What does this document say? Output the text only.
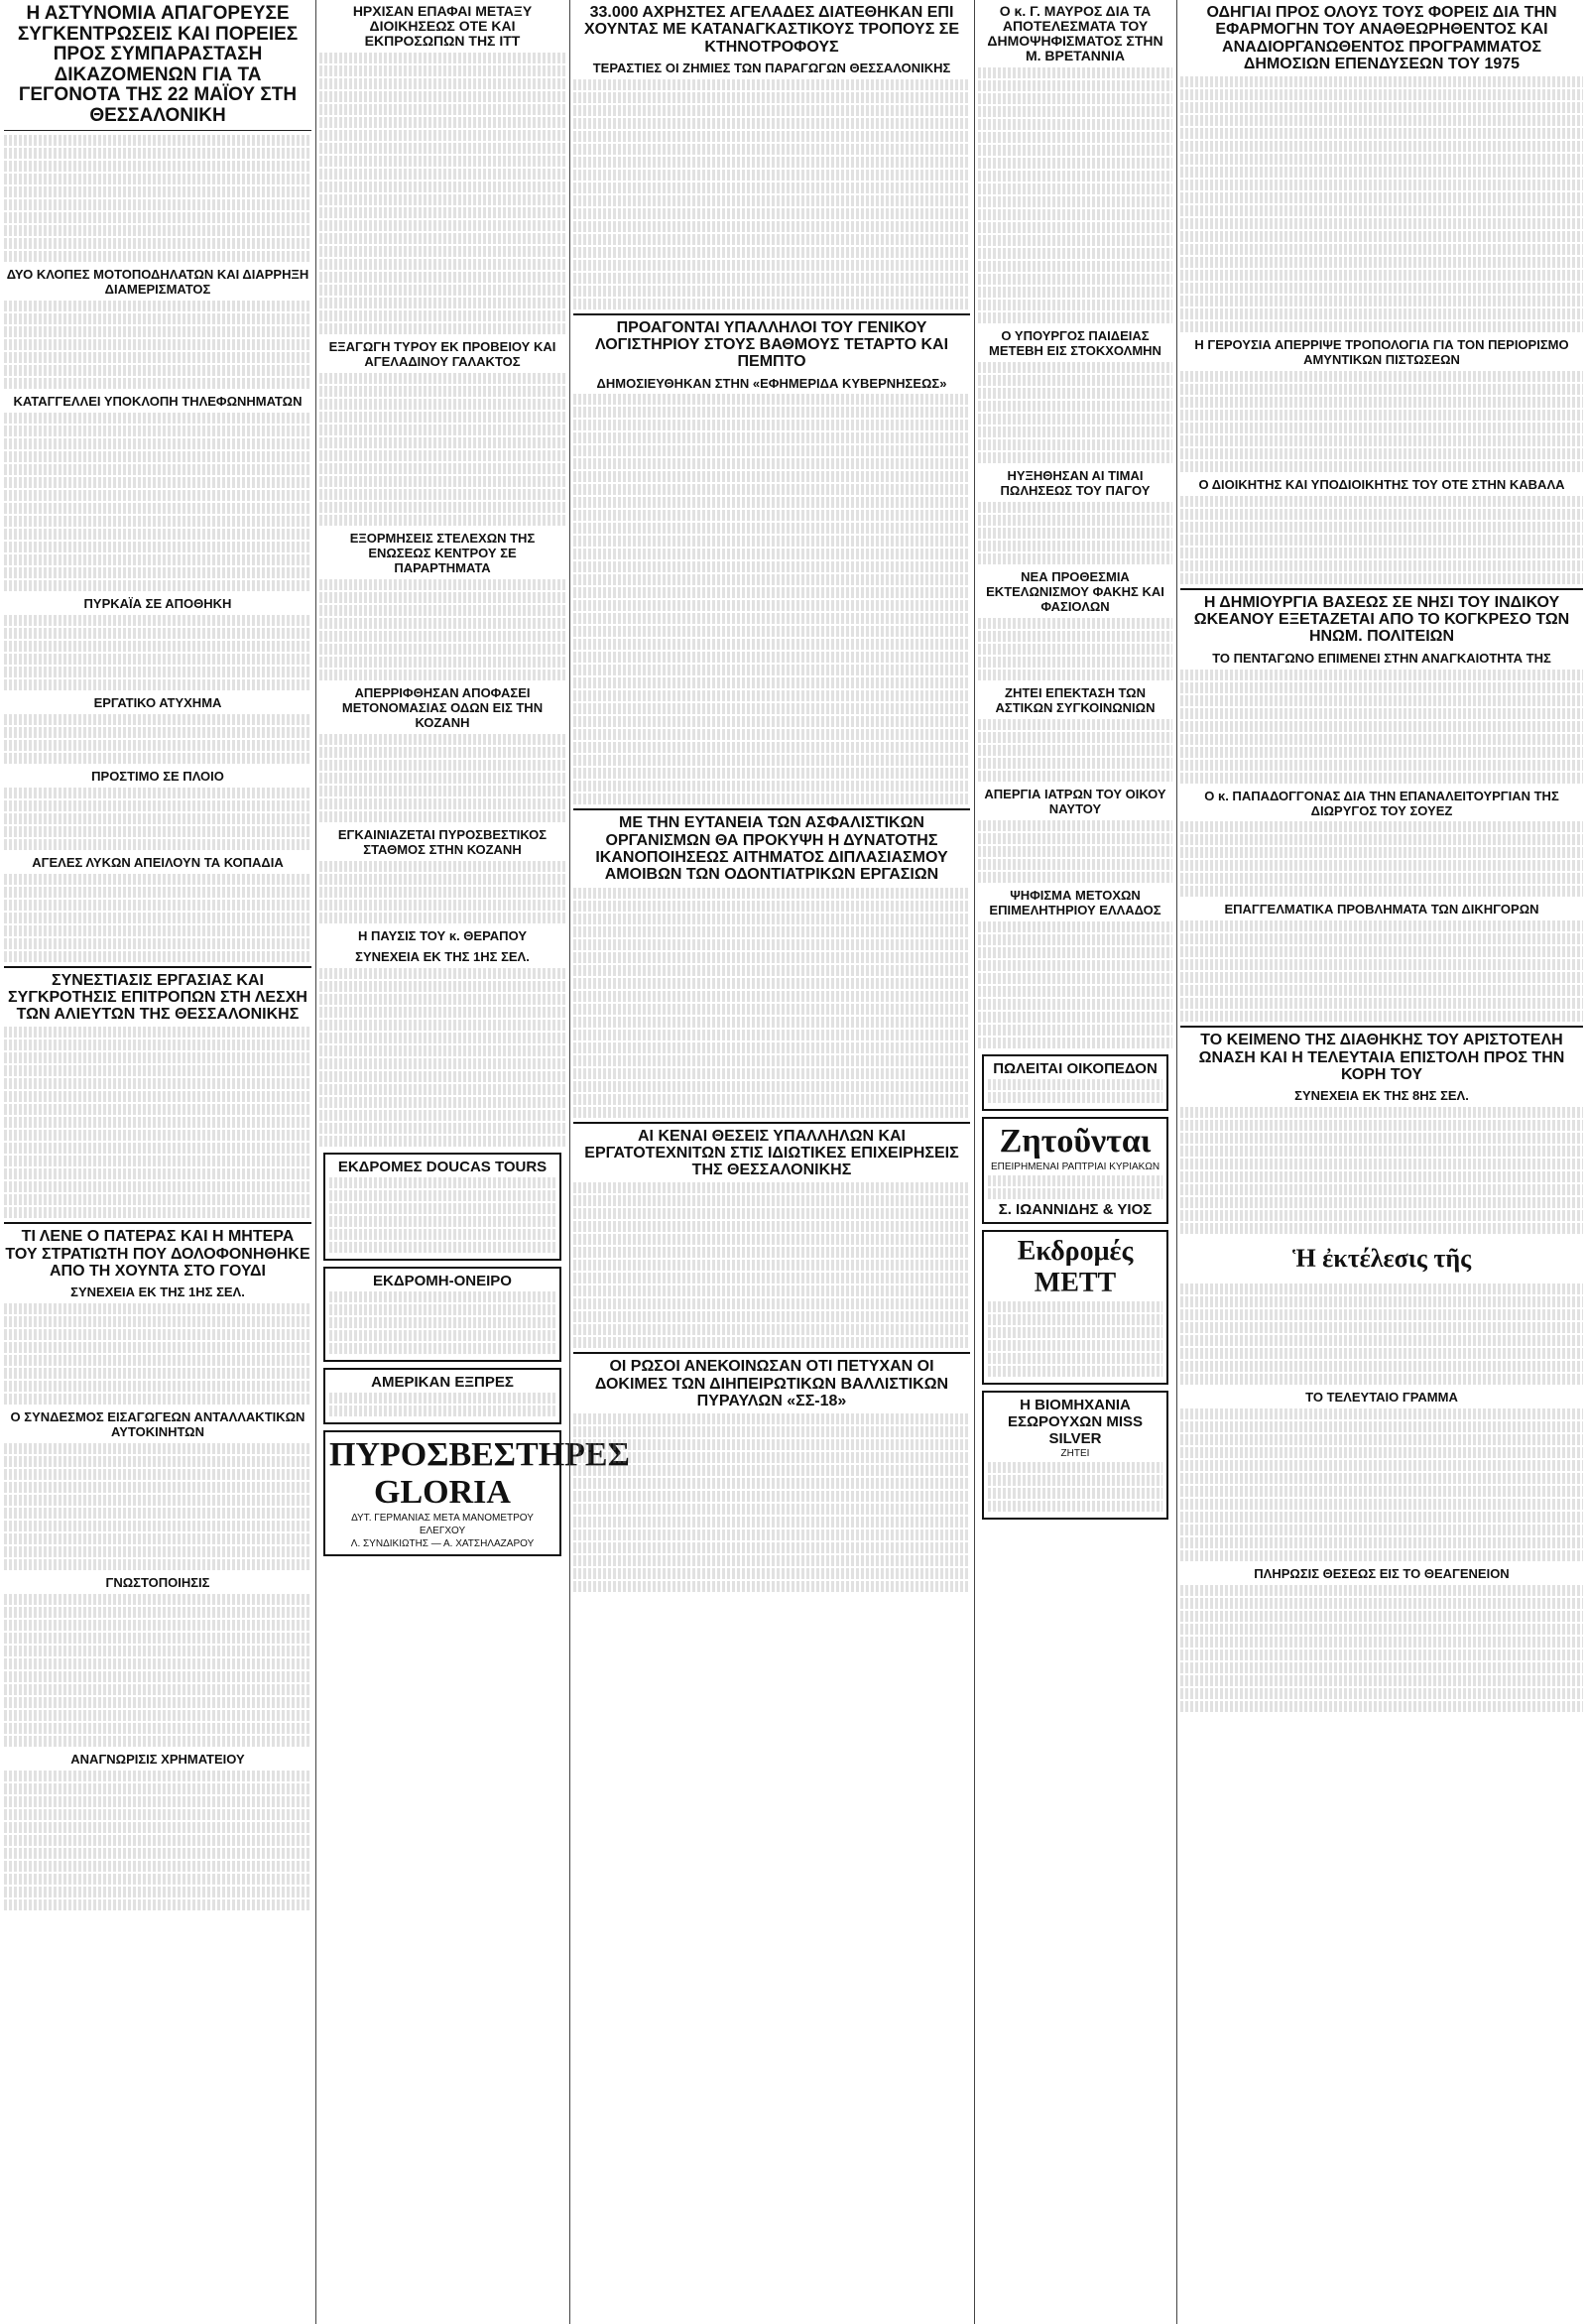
Η ΑΣΤΥΝΟΜΙΑ ΑΠΑΓΟΡΕΥΣΕ ΣΥΓΚΕΝΤΡΩΣΕΙΣ ΚΑΙ ΠΟΡΕΙΕΣ ΠΡΟΣ ΣΥΜΠΑΡΑΣΤΑΣΗ ΔΙΚΑΖΟΜΕΝΩΝ ΓΙΑ ΤΑ ΓΕΓΟΝΟΤΑ ΤΗΣ 22 ΜΑΪΟΥ ΣΤΗ ΘΕΣΣΑΛΟΝΙΚΗ
ΔΥΟ ΚΛΟΠΕΣ ΜΟΤΟΠΟΔΗΛΑΤΩΝ ΚΑΙ ΔΙΑΡΡΗΞΗ ΔΙΑΜΕΡΙΣΜΑΤΟΣ
ΚΑΤΑΓΓΕΛΛΕΙ ΥΠΟΚΛΟΠΗ ΤΗΛΕΦΩΝΗΜΑΤΩΝ
ΠΥΡΚΑΪΑ ΣΕ ΑΠΟΘΗΚΗ
ΕΡΓΑΤΙΚΟ ΑΤΥΧΗΜΑ
ΠΡΟΣΤΙΜΟ ΣΕ ΠΛΟΙΟ
ΑΓΕΛΕΣ ΛΥΚΩΝ ΑΠΕΙΛΟΥΝ ΤΑ ΚΟΠΑΔΙΑ
ΣΥΝΕΣΤΙΑΣΙΣ ΕΡΓΑΣΙΑΣ ΚΑΙ ΣΥΓΚΡΟΤΗΣΙΣ ΕΠΙΤΡΟΠΩΝ ΣΤΗ ΛΕΣΧΗ ΤΩΝ ΑΛΙΕΥΤΩΝ ΤΗΣ ΘΕΣΣΑΛΟΝΙΚΗΣ
ΤΙ ΛΕΝΕ Ο ΠΑΤΕΡΑΣ ΚΑΙ Η ΜΗΤΕΡΑ ΤΟΥ ΣΤΡΑΤΙΩΤΗ ΠΟΥ ΔΟΛΟΦΟΝΗΘΗΚΕ ΑΠΟ ΤΗ ΧΟΥΝΤΑ ΣΤΟ ΓΟΥΔΙ
ΣΥΝΕΧΕΙΑ ΕΚ ΤΗΣ 1ΗΣ ΣΕΛ.
Ο ΣΥΝΔΕΣΜΟΣ ΕΙΣΑΓΩΓΕΩΝ ΑΝΤΑΛΛΑΚΤΙΚΩΝ ΑΥΤΟΚΙΝΗΤΩΝ
ΓΝΩΣΤΟΠΟΙΗΣΙΣ
ΑΝΑΓΝΩΡΙΣΙΣ ΧΡΗΜΑΤΕΙΟΥ
ΗΡΧΙΣΑΝ ΕΠΑΦΑΙ ΜΕΤΑΞΥ ΔΙΟΙΚΗΣΕΩΣ ΟΤΕ ΚΑΙ ΕΚΠΡΟΣΩΠΩΝ ΤΗΣ ΙΤΤ
ΕΞΑΓΩΓΗ ΤΥΡΟΥ ΕΚ ΠΡΟΒΕΙΟΥ ΚΑΙ ΑΓΕΛΑΔΙΝΟΥ ΓΑΛΑΚΤΟΣ
ΕΞΟΡΜΗΣΕΙΣ ΣΤΕΛΕΧΩΝ ΤΗΣ ΕΝΩΣΕΩΣ ΚΕΝΤΡΟΥ ΣΕ ΠΑΡΑΡΤΗΜΑΤΑ
ΑΠΕΡΡΙΦΘΗΣΑΝ ΑΠΟΦΑΣΕΙ ΜΕΤΟΝΟΜΑΣΙΑΣ ΟΔΩΝ ΕΙΣ ΤΗΝ ΚΟΖΑΝΗ
ΕΓΚΑΙΝΙΑΖΕΤΑΙ ΠΥΡΟΣΒΕΣΤΙΚΟΣ ΣΤΑΘΜΟΣ ΣΤΗΝ ΚΟΖΑΝΗ
Η ΠΑΥΣΙΣ ΤΟΥ κ. ΘΕΡΑΠΟΥ
ΣΥΝΕΧΕΙΑ ΕΚ ΤΗΣ 1ΗΣ ΣΕΛ.
ΕΚΔΡΟΜΕΣ DOUCAS TOURS
ΕΚΔΡΟΜΗ-ΟΝΕΙΡΟ
ΑΜΕΡΙΚΑΝ ΕΞΠΡΕΣ
ΠΥΡΟΣΒΕΣΤΗΡΕΣ GLORIA
ΔΥΤ. ΓΕΡΜΑΝΙΑΣ ΜΕΤΑ ΜΑΝΟΜΕΤΡΟΥ ΕΛΕΓΧΟΥ
Λ. ΣΥΝΔΙΚΙΩΤΗΣ — Α. ΧΑΤΣΗΛΑΖΑΡΟΥ
33.000 ΑΧΡΗΣΤΕΣ ΑΓΕΛΑΔΕΣ ΔΙΑΤΕΘΗΚΑΝ ΕΠΙ ΧΟΥΝΤΑΣ ΜΕ ΚΑΤΑΝΑΓΚΑΣΤΙΚΟΥΣ ΤΡΟΠΟΥΣ ΣΕ ΚΤΗΝΟΤΡΟΦΟΥΣ
ΤΕΡΑΣΤΙΕΣ ΟΙ ΖΗΜΙΕΣ ΤΩΝ ΠΑΡΑΓΩΓΩΝ ΘΕΣΣΑΛΟΝΙΚΗΣ
ΠΡΟΑΓΟΝΤΑΙ ΥΠΑΛΛΗΛΟΙ ΤΟΥ ΓΕΝΙΚΟΥ ΛΟΓΙΣΤΗΡΙΟΥ ΣΤΟΥΣ ΒΑΘΜΟΥΣ ΤΕΤΑΡΤΟ ΚΑΙ ΠΕΜΠΤΟ
ΔΗΜΟΣΙΕΥΘΗΚΑΝ ΣΤΗΝ «ΕΦΗΜΕΡΙΔΑ ΚΥΒΕΡΝΗΣΕΩΣ»
ΜΕ ΤΗΝ ΕΥΤΑΝΕΙΑ ΤΩΝ ΑΣΦΑΛΙΣΤΙΚΩΝ ΟΡΓΑΝΙΣΜΩΝ ΘΑ ΠΡΟΚΥΨΗ Η ΔΥΝΑΤΟΤΗΣ ΙΚΑΝΟΠΟΙΗΣΕΩΣ ΑΙΤΗΜΑΤΟΣ ΔΙΠΛΑΣΙΑΣΜΟΥ ΑΜΟΙΒΩΝ ΤΩΝ ΟΔΟΝΤΙΑΤΡΙΚΩΝ ΕΡΓΑΣΙΩΝ
ΑΙ ΚΕΝΑΙ ΘΕΣΕΙΣ ΥΠΑΛΛΗΛΩΝ ΚΑΙ ΕΡΓΑΤΟΤΕΧΝΙΤΩΝ ΣΤΙΣ ΙΔΙΩΤΙΚΕΣ ΕΠΙΧΕΙΡΗΣΕΙΣ ΤΗΣ ΘΕΣΣΑΛΟΝΙΚΗΣ
ΟΙ ΡΩΣΟΙ ΑΝΕΚΟΙΝΩΣΑΝ ΟΤΙ ΠΕΤΥΧΑΝ ΟΙ ΔΟΚΙΜΕΣ ΤΩΝ ΔΙΗΠΕΙΡΩΤΙΚΩΝ ΒΑΛΛΙΣΤΙΚΩΝ ΠΥΡΑΥΛΩΝ «ΣΣ-18»
Ο κ. Γ. ΜΑΥΡΟΣ ΔΙΑ ΤΑ ΑΠΟΤΕΛΕΣΜΑΤΑ ΤΟΥ ΔΗΜΟΨΗΦΙΣΜΑΤΟΣ ΣΤΗΝ Μ. ΒΡΕΤΑΝΝΙΑ
Ο ΥΠΟΥΡΓΟΣ ΠΑΙΔΕΙΑΣ ΜΕΤΕΒΗ ΕΙΣ ΣΤΟΚΧΟΛΜΗΝ
ΗΥΞΗΘΗΣΑΝ ΑΙ ΤΙΜΑΙ ΠΩΛΗΣΕΩΣ ΤΟΥ ΠΑΓΟΥ
ΝΕΑ ΠΡΟΘΕΣΜΙΑ ΕΚΤΕΛΩΝΙΣΜΟΥ ΦΑΚΗΣ ΚΑΙ ΦΑΣΙΟΛΩΝ
ΖΗΤΕΙ ΕΠΕΚΤΑΣΗ ΤΩΝ ΑΣΤΙΚΩΝ ΣΥΓΚΟΙΝΩΝΙΩΝ
ΑΠΕΡΓΙΑ ΙΑΤΡΩΝ ΤΟΥ ΟΙΚΟΥ ΝΑΥΤΟΥ
ΨΗΦΙΣΜΑ ΜΕΤΟΧΩΝ ΕΠΙΜΕΛΗΤΗΡΙΟΥ ΕΛΛΑΔΟΣ
ΠΩΛΕΙΤΑΙ ΟΙΚΟΠΕΔΟΝ
Ζητοῦνται
ΕΠΕΙΡΗΜΕΝΑΙ ΡΑΠΤΡΙΑΙ ΚΥΡΙΑΚΩΝ
Σ. ΙΩΑΝΝΙΔΗΣ & ΥΙΟΣ
Εκδρομές ΜΕΤΤ
Η ΒΙΟΜΗΧΑΝΙΑ ΕΣΩΡΟΥΧΩΝ MISS SILVER
ΖΗΤΕΙ
ΟΔΗΓΙΑΙ ΠΡΟΣ ΟΛΟΥΣ ΤΟΥΣ ΦΟΡΕΙΣ ΔΙΑ ΤΗΝ ΕΦΑΡΜΟΓΗΝ ΤΟΥ ΑΝΑΘΕΩΡΗΘΕΝΤΟΣ ΚΑΙ ΑΝΑΔΙΟΡΓΑΝΩΘΕΝΤΟΣ ΠΡΟΓΡΑΜΜΑΤΟΣ ΔΗΜΟΣΙΩΝ ΕΠΕΝΔΥΣΕΩΝ ΤΟΥ 1975
Η ΓΕΡΟΥΣΙΑ ΑΠΕΡΡΙΨΕ ΤΡΟΠΟΛΟΓΙΑ ΓΙΑ ΤΟΝ ΠΕΡΙΟΡΙΣΜΟ ΑΜΥΝΤΙΚΩΝ ΠΙΣΤΩΣΕΩΝ
Ο ΔΙΟΙΚΗΤΗΣ ΚΑΙ ΥΠΟΔΙΟΙΚΗΤΗΣ ΤΟΥ ΟΤΕ ΣΤΗΝ ΚΑΒΑΛΑ
Η ΔΗΜΙΟΥΡΓΙΑ ΒΑΣΕΩΣ ΣΕ ΝΗΣΙ ΤΟΥ ΙΝΔΙΚΟΥ ΩΚΕΑΝΟΥ ΕΞΕΤΑΖΕΤΑΙ ΑΠΟ ΤΟ ΚΟΓΚΡΕΣΟ ΤΩΝ ΗΝΩΜ. ΠΟΛΙΤΕΙΩΝ
ΤΟ ΠΕΝΤΑΓΩΝΟ ΕΠΙΜΕΝΕΙ ΣΤΗΝ ΑΝΑΓΚΑΙΟΤΗΤΑ ΤΗΣ
Ο κ. ΠΑΠΑΔΟΓΓΟΝΑΣ ΔΙΑ ΤΗΝ ΕΠΑΝΑΛΕΙΤΟΥΡΓΙΑΝ ΤΗΣ ΔΙΩΡΥΓΟΣ ΤΟΥ ΣΟΥΕΖ
ΕΠΑΓΓΕΛΜΑΤΙΚΑ ΠΡΟΒΛΗΜΑΤΑ ΤΩΝ ΔΙΚΗΓΟΡΩΝ
ΤΟ ΚΕΙΜΕΝΟ ΤΗΣ ΔΙΑΘΗΚΗΣ ΤΟΥ ΑΡΙΣΤΟΤΕΛΗ ΩΝΑΣΗ ΚΑΙ Η ΤΕΛΕΥΤΑΙΑ ΕΠΙΣΤΟΛΗ ΠΡΟΣ ΤΗΝ ΚΟΡΗ ΤΟΥ
ΣΥΝΕΧΕΙΑ ΕΚ ΤΗΣ 8ΗΣ ΣΕΛ.
Ἡ ἐκτέλεσις τῆς
ΤΟ ΤΕΛΕΥΤΑΙΟ ΓΡΑΜΜΑ
ΠΛΗΡΩΣΙΣ ΘΕΣΕΩΣ ΕΙΣ ΤΟ ΘΕΑΓΕΝΕΙΟΝ
